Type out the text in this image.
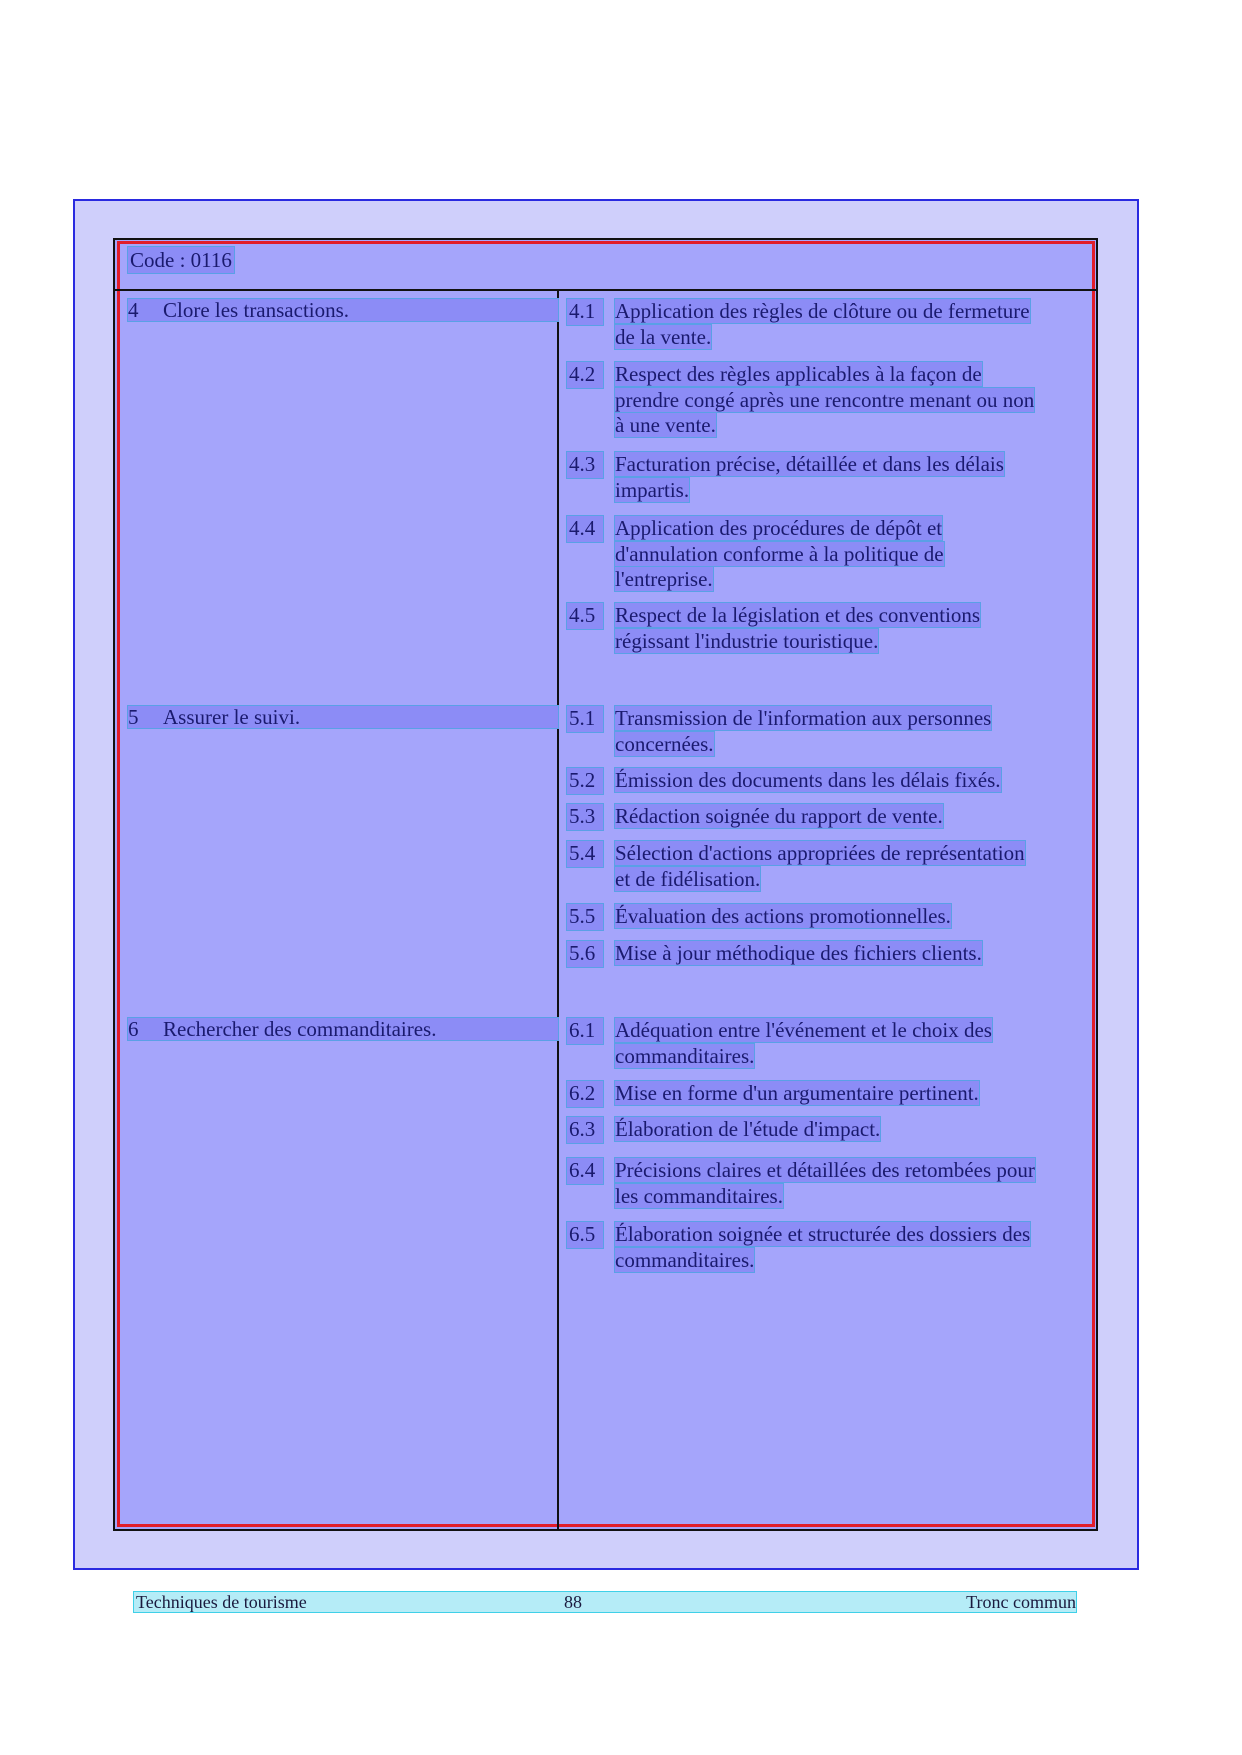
Code : 0116
4 Clore les transactions.	4.1 Application des règles de clôture ou de fermeture
de la vente.
4.2 Respect des règles applicables à la façon de
prendre congé après une rencontre menant ou non
à une vente.
4.3 Facturation précise, détaillée et dans les délais
impartis.
4.4 Application des procédures de dépôt et
d'annulation conforme à la politique de
l'entreprise.
4.5 Respect de la législation et des conventions
régissant l'industrie touristique.
5 Assurer le suivi.	5.1 Transmission de l'information aux personnes
concernées.
5.2 Émission des documents dans les délais fixés.
5.3 Rédaction soignée du rapport de vente.
5.4 Sélection d'actions appropriées de représentation
et de fidélisation.
5.5 Évaluation des actions promotionnelles.
5.6 Mise à jour méthodique des fichiers clients.
6 Rechercher des commanditaires.	6.1 Adéquation entre l'événement et le choix des
commanditaires.
6.2 Mise en forme d'un argumentaire pertinent.
6.3 Élaboration de l'étude d'impact.
6.4 Précisions claires et détaillées des retombées pour
les commanditaires.
6.5 Élaboration soignée et structurée des dossiers des
commanditaires.
Techniques de tourisme	88	Tronc commun
